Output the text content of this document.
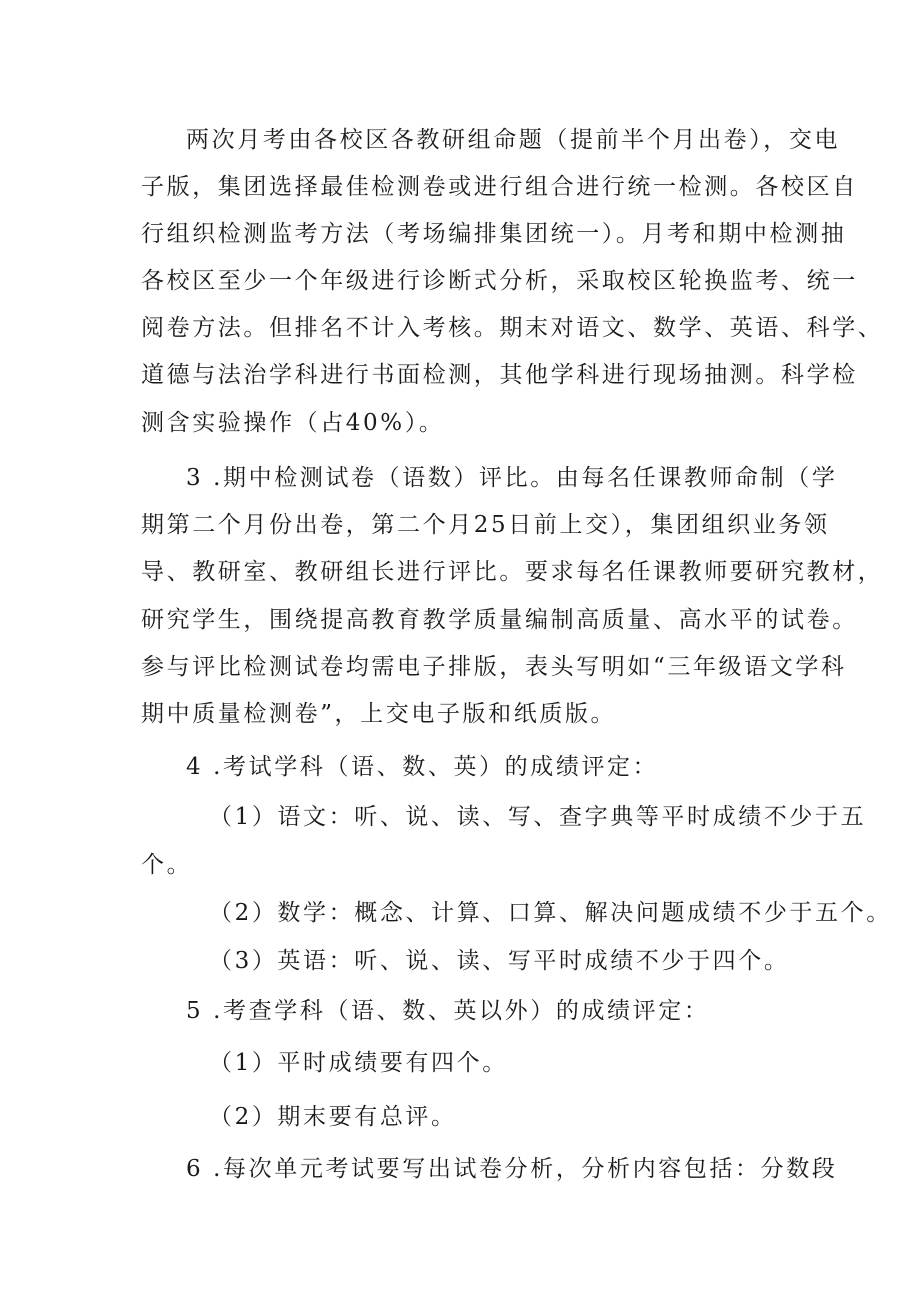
两次月考由各校区各教研组命题（提前半个月出卷），交电
子版，集团选择最佳检测卷或进行组合进行统一检测。各校区自
行组织检测监考方法（考场编排集团统一）。月考和期中检测抽
各校区至少一个年级进行诊断式分析，采取校区轮换监考、统一
阅卷方法。但排名不计入考核。期末对语文、数学、英语、科学、
道德与法治学科进行书面检测，其他学科进行现场抽测。科学检
测含实验操作（占40%）。
3 .期中检测试卷（语数）评比。由每名任课教师命制（学
期第二个月份出卷，第二个月25日前上交），集团组织业务领
导、教研室、教研组长进行评比。要求每名任课教师要研究教材，
研究学生，围绕提高教育教学质量编制高质量、高水平的试卷。
参与评比检测试卷均需电子排版，表头写明如“三年级语文学科
期中质量检测卷”，上交电子版和纸质版。
4 .考试学科（语、数、英）的成绩评定：
（1）语文：听、说、读、写、查字典等平时成绩不少于五
个。
（2）数学：概念、计算、口算、解决问题成绩不少于五个。
（3）英语：听、说、读、写平时成绩不少于四个。
5 .考查学科（语、数、英以外）的成绩评定：
（1）平时成绩要有四个。
（2）期末要有总评。
6 .每次单元考试要写出试卷分析，分析内容包括：分数段
